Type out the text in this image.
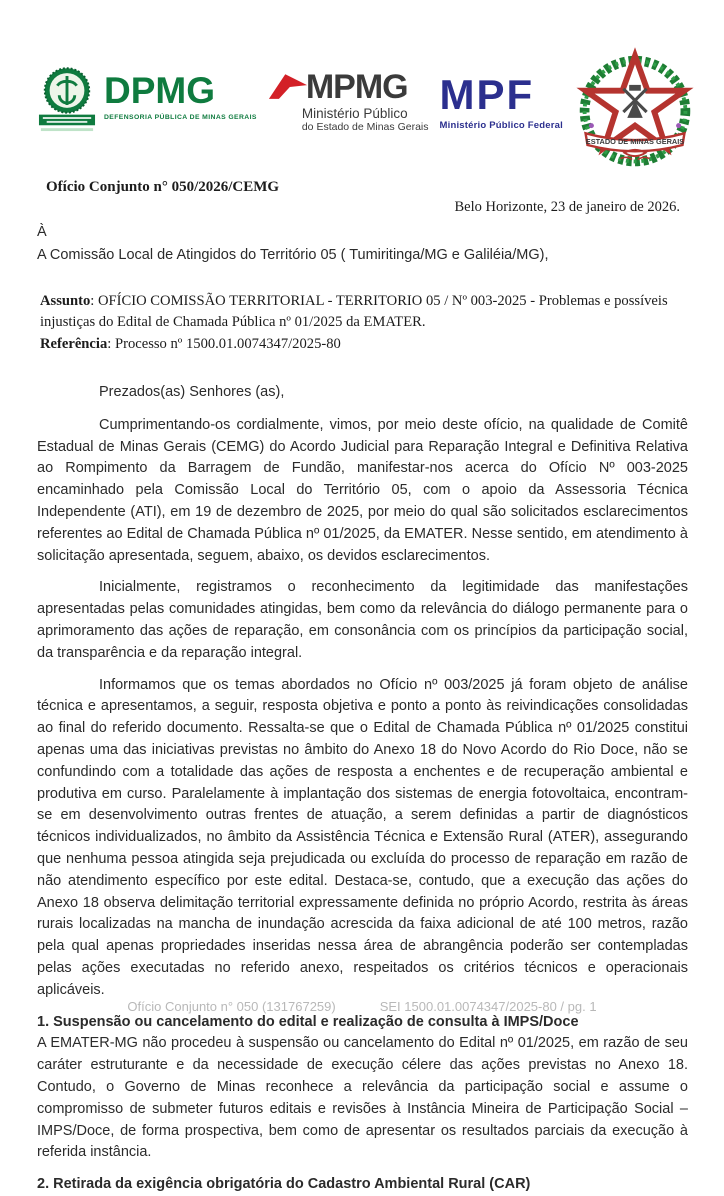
DPMG
DEFENSORIA PÚBLICA DE MINAS GERAIS
MPMG
Ministério Público
do Estado de Minas Gerais
MPF
Ministério Público Federal
ESTADO DE MINAS GERAIS
Ofício Conjunto n° 050/2026/CEMG
Belo Horizonte, 23 de janeiro de 2026.
À
A Comissão Local de Atingidos do Território 05 ( Tumiritinga/MG e Galiléia/MG),
Assunto: OFÍCIO COMISSÃO TERRITORIAL - TERRITORIO 05 / Nº 003-2025 - Problemas e possíveis injustiças do Edital de Chamada Pública nº 01/2025 da EMATER.
Referência: Processo nº 1500.01.0074347/2025-80

Prezados(as) Senhores (as),

Cumprimentando-os cordialmente, vimos, por meio deste ofício, na qualidade de Comitê Estadual de Minas Gerais (CEMG) do Acordo Judicial para Reparação Integral e Definitiva Relativa ao Rompimento da Barragem de Fundão, manifestar-nos acerca do Ofício Nº 003-2025 encaminhado pela Comissão Local do Território 05, com o apoio da Assessoria Técnica Independente (ATI), em 19 de dezembro de 2025, por meio do qual são solicitados esclarecimentos referentes ao Edital de Chamada Pública nº 01/2025, da EMATER. Nesse sentido, em atendimento à solicitação apresentada, seguem, abaixo, os devidos esclarecimentos.

Inicialmente, registramos o reconhecimento da legitimidade das manifestações apresentadas pelas comunidades atingidas, bem como da relevância do diálogo permanente para o aprimoramento das ações de reparação, em consonância com os princípios da participação social, da transparência e da reparação integral.

Informamos que os temas abordados no Ofício nº 003/2025 já foram objeto de análise técnica e apresentamos, a seguir, resposta objetiva e ponto a ponto às reivindicações consolidadas ao final do referido documento. Ressalta-se que o Edital de Chamada Pública nº 01/2025 constitui apenas uma das iniciativas previstas no âmbito do Anexo 18 do Novo Acordo do Rio Doce, não se confundindo com a totalidade das ações de resposta a enchentes e de recuperação ambiental e produtiva em curso. Paralelamente à implantação dos sistemas de energia fotovoltaica, encontram-se em desenvolvimento outras frentes de atuação, a serem definidas a partir de diagnósticos técnicos individualizados, no âmbito da Assistência Técnica e Extensão Rural (ATER), assegurando que nenhuma pessoa atingida seja prejudicada ou excluída do processo de reparação em razão de não atendimento específico por este edital. Destaca-se, contudo, que a execução das ações do Anexo 18 observa delimitação territorial expressamente definida no próprio Acordo, restrita às áreas rurais localizadas na mancha de inundação acrescida da faixa adicional de até 100 metros, razão pela qual apenas propriedades inseridas nessa área de abrangência poderão ser contempladas pelas ações executadas no referido anexo, respeitados os critérios técnicos e operacionais aplicáveis.

1. Suspensão ou cancelamento do edital e realização de consulta à IMPS/Doce

A EMATER-MG não procedeu à suspensão ou cancelamento do Edital nº 01/2025, em razão de seu caráter estruturante e da necessidade de execução célere das ações previstas no Anexo 18. Contudo, o Governo de Minas reconhece a relevância da participação social e assume o compromisso de submeter futuros editais e revisões à Instância Mineira de Participação Social – IMPS/Doce, de forma prospectiva, bem como de apresentar os resultados parciais da execução à referida instância.

2. Retirada da exigência obrigatória do Cadastro Ambiental Rural (CAR)

Ofício Conjunto n° 050 (131767259)	SEI 1500.01.0074347/2025-80 / pg. 1
